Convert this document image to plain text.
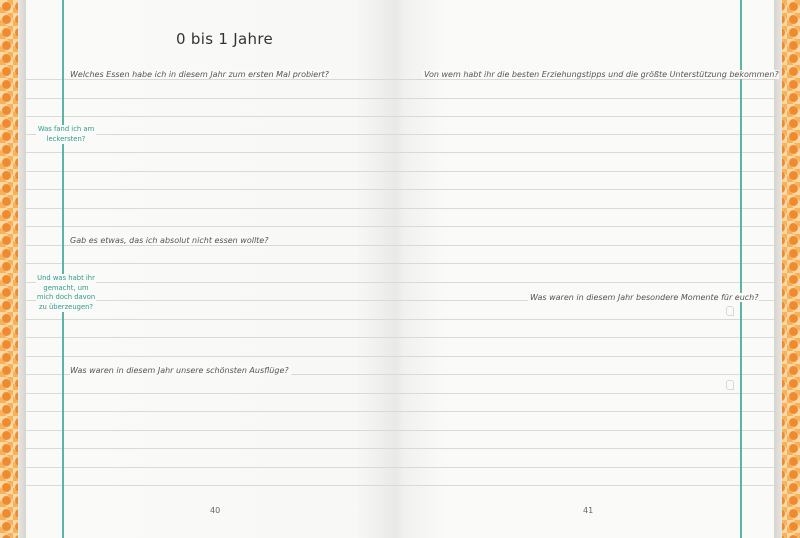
0 bis 1 Jahre
Welches Essen habe ich in diesem Jahr zum ersten Mal probiert?
Was fand ich am leckersten?
Gab es etwas, das ich absolut nicht essen wollte?
Und was habt ihr gemacht, um mich doch davon zu überzeugen?
Was waren in diesem Jahr unsere schönsten Ausflüge?
40
Von wem habt ihr die besten Erziehungstipps und die größte Unterstützung bekommen?
Was waren in diesem Jahr besondere Momente für euch?
41
